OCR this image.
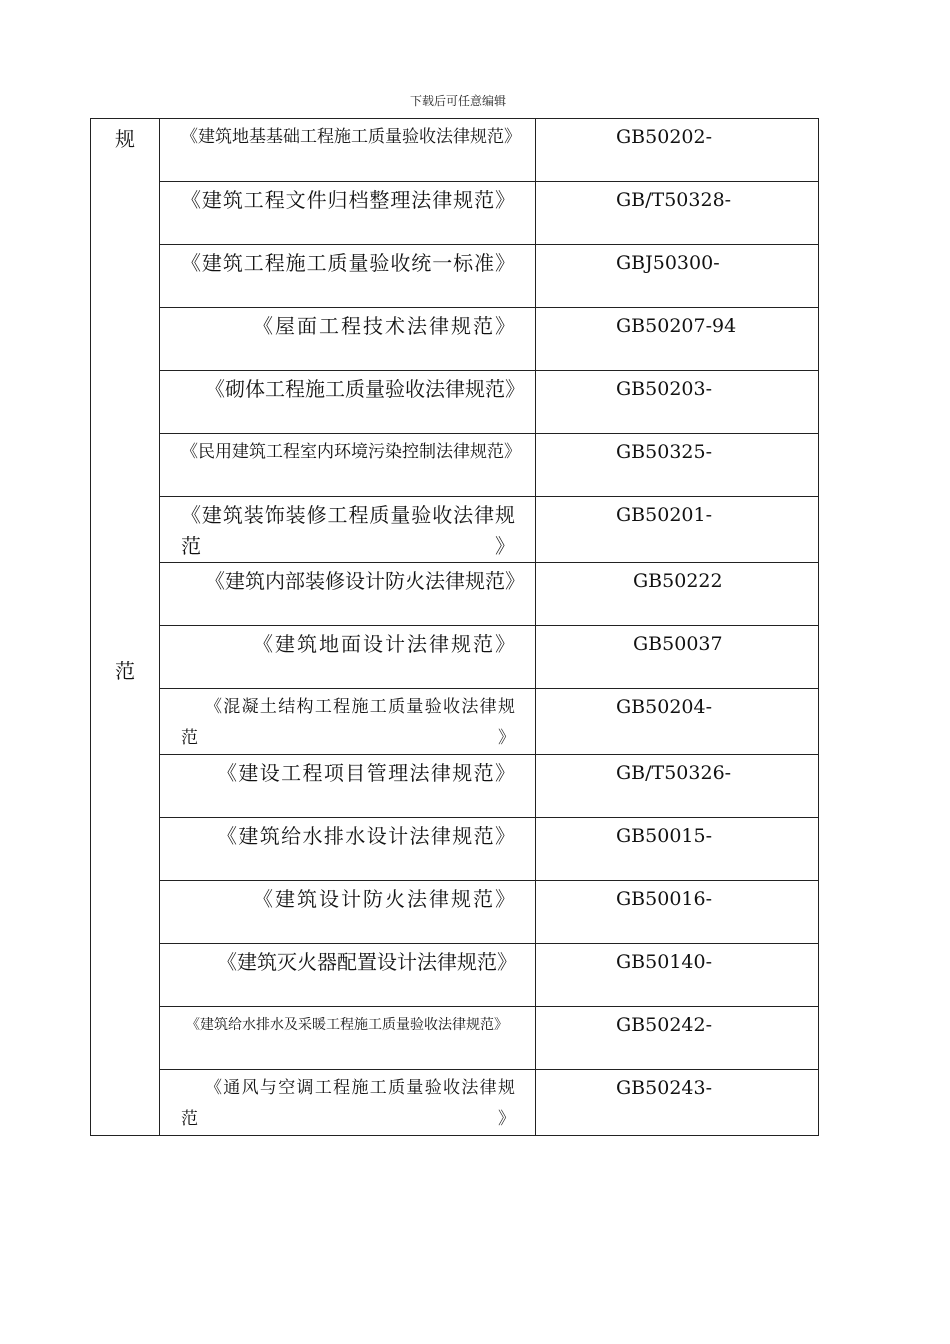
下载后可任意编辑
规
范	《建筑地基基础工程施工质量验收法律规范》	GB50202-

	《建筑工程文件归档整理法律规范》	GB/T50328-

	《建筑工程施工质量验收统一标准》	GBJ50300-

	《屋面工程技术法律规范》	GB50207-94

	《砌体工程施工质量验收法律规范》	GB50203-

	《民用建筑工程室内环境污染控制法律规范》	GB50325-

	《建筑装饰装修工程质量验收法律规范》	GB50201-

	《建筑内部装修设计防火法律规范》	GB50222

	《建筑地面设计法律规范》	GB50037

	《混凝土结构工程施工质量验收法律规范》	GB50204-

	《建设工程项目管理法律规范》	GB/T50326-

	《建筑给水排水设计法律规范》	GB50015-

	《建筑设计防火法律规范》	GB50016-

	《建筑灭火器配置设计法律规范》	GB50140-

	《建筑给水排水及采暖工程施工质量验收法律规范》	GB50242-

	《通风与空调工程施工质量验收法律规范》	GB50243-
